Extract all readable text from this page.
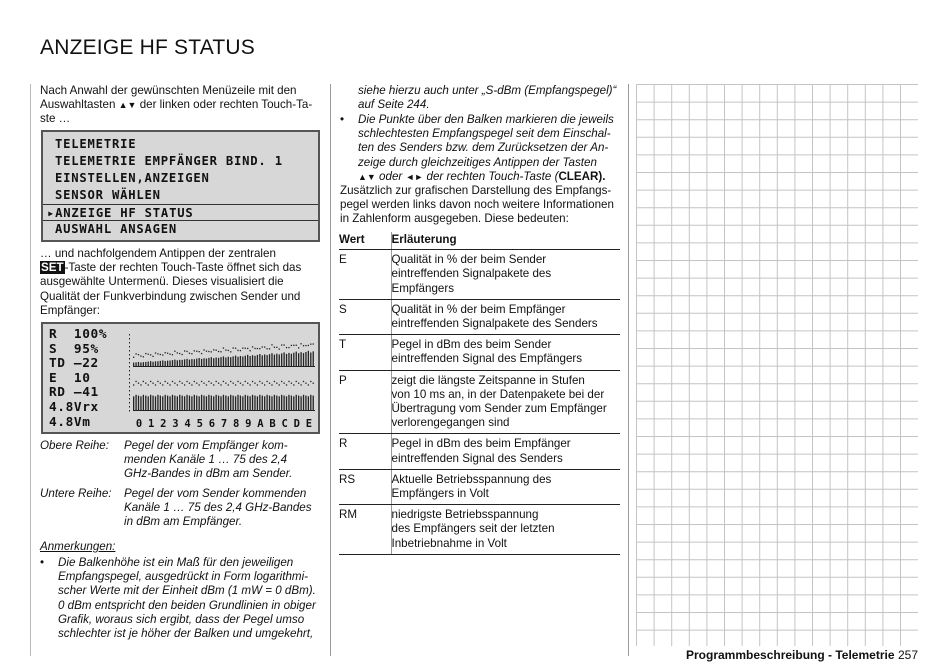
ANZEIGE HF STATUS
Nach Anwahl der gewünschten Menüzeile mit den
Auswahltasten ▲▼ der linken oder rechten Touch-Ta-
ste …
TELEMETRIE
TELEMETRIE EMPFÄNGER BIND. 1
EINSTELLEN,ANZEIGEN
SENSOR WÄHLEN
▸ANZEIGE HF STATUS
AUSWAHL ANSAGEN
… und nachfolgendem Antippen der zentralen
SET-Taste der rechten Touch-Taste öffnet sich das
ausgewählte Untermenü. Dieses visualisiert die
Qualität der Funkverbindung zwischen Sender und
Empfänger:
R  100%
S  95%
TD –22
E  10
RD –41
4.8Vrx
4.8Vm	0 1 2 3 4 5 6 7 8 9 A B C D E
Obere Reihe:	Pegel der vom Empfänger kom-
menden Kanäle 1 … 75 des 2,4
GHz-Bandes in dBm am Sender.
Untere Reihe:	Pegel der vom Sender kommenden
Kanäle 1 … 75 des 2,4 GHz-Bandes
in dBm am Empfänger.
Anmerkungen:
• Die Balkenhöhe ist ein Maß für den jeweiligen
Empfangspegel, ausgedrückt in Form logarithmi-
scher Werte mit der Einheit dBm (1 mW = 0 dBm).
0 dBm entspricht den beiden Grundlinien in obiger
Grafik, woraus sich ergibt, dass der Pegel umso
schlechter ist je höher der Balken und umgekehrt,
siehe hierzu auch unter „S-dBm (Empfangspegel)“
auf Seite 244.
• Die Punkte über den Balken markieren die jeweils
schlechtesten Empfangspegel seit dem Einschal-
ten des Senders bzw. dem Zurücksetzen der An-
zeige durch gleichzeitiges Antippen der Tasten
▲▼ oder ◄► der rechten Touch-Taste (CLEAR).
Zusätzlich zur grafischen Darstellung des Empfangs-
pegel werden links davon noch weitere Informationen
in Zahlenform ausgegeben. Diese bedeuten:
Wert	Erläuterung
E	Qualität in % der beim Sender
eintreffenden Signalpakete des
Empfängers

S	Qualität in % der beim Empfänger
eintreffenden Signalpakete des Senders

T	Pegel in dBm des beim Sender
eintreffenden Signal des Empfängers

P	zeigt die längste Zeitspanne in Stufen
von 10 ms an, in der Datenpakete bei der
Übertragung vom Sender zum Empfänger
verlorengegangen sind

R	Pegel in dBm des beim Empfänger
eintreffenden Signal des Senders

RS	Aktuelle Betriebsspannung des
Empfängers in Volt

RM	niedrigste Betriebsspannung
des Empfängers seit der letzten
Inbetriebnahme in Volt
Programmbeschreibung - Telemetrie 257
